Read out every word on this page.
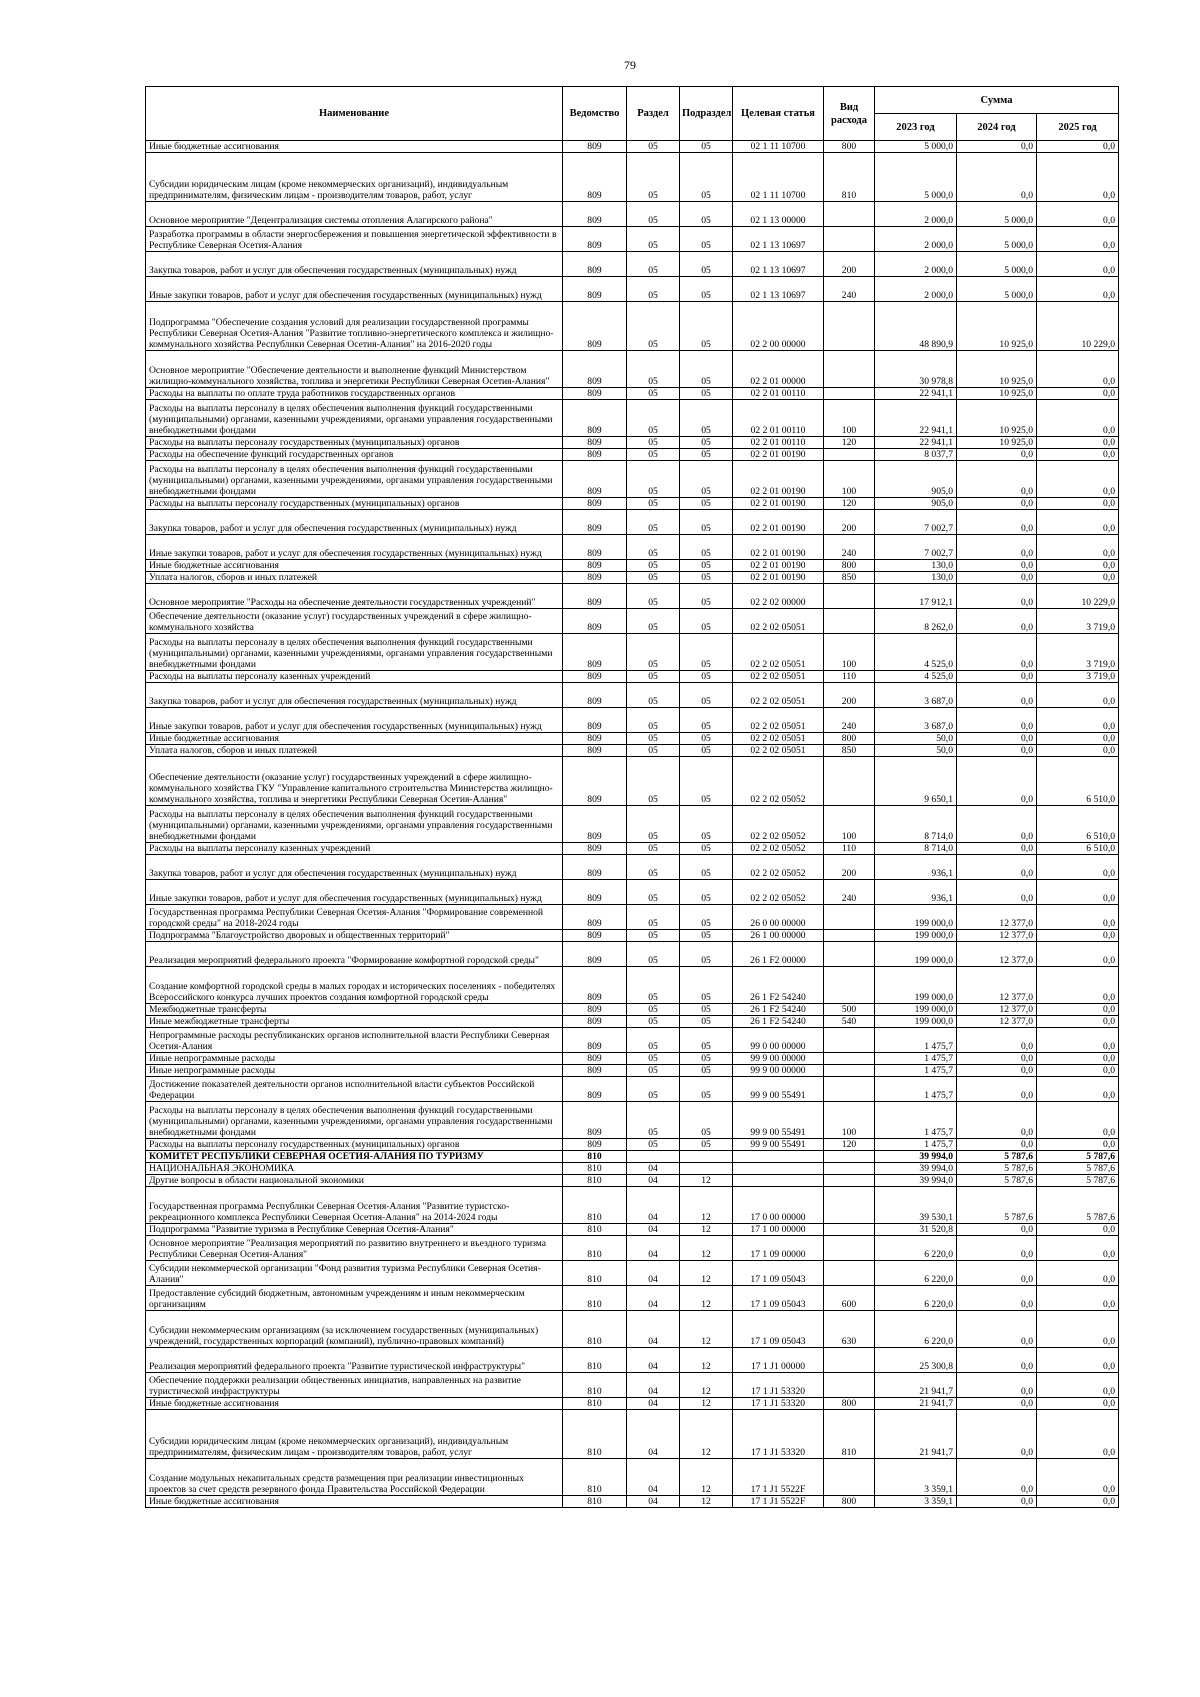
79
Наименование	Ведомство	Раздел	Подраздел	Целевая статья	Вид расхода	Сумма		
						2023 год	2024 год	2025 год
Иные бюджетные ассигнования	809	05	05	02 1 11 10700	800	5 000,0	0,0	0,0
Субсидии юридическим лицам (кроме некоммерческих организаций), индивидуальным предпринимателям, физическим лицам - производителям товаров, работ, услуг	809	05	05	02 1 11 10700	810	5 000,0	0,0	0,0
Основное мероприятие "Децентрализация системы отопления Алагирского района"	809	05	05	02 1 13 00000		2 000,0	5 000,0	0,0
Разработка программы в области энергосбережения и повышения энергетической эффективности в Республике Северная Осетия-Алания	809	05	05	02 1 13 10697		2 000,0	5 000,0	0,0
Закупка товаров, работ и услуг для обеспечения государственных (муниципальных) нужд	809	05	05	02 1 13 10697	200	2 000,0	5 000,0	0,0
Иные закупки товаров, работ и услуг для обеспечения государственных (муниципальных) нужд	809	05	05	02 1 13 10697	240	2 000,0	5 000,0	0,0
Подпрограмма "Обеспечение создания условий для реализации государственной программы Республики Северная Осетия-Алания "Развитие топливно-энергетического комплекса и жилищно-коммунального хозяйства Республики Северная Осетия-Алания" на 2016-2020 годы	809	05	05	02 2 00 00000		48 890,9	10 925,0	10 229,0
Основное мероприятие "Обеспечение деятельности и выполнение функций Министерством жилищно-коммунального хозяйства, топлива и энергетики Республики Северная Осетия-Алания"	809	05	05	02 2 01 00000		30 978,8	10 925,0	0,0
Расходы на выплаты по оплате труда работников государственных органов	809	05	05	02 2 01 00110		22 941,1	10 925,0	0,0
Расходы на выплаты персоналу в целях обеспечения выполнения функций государственными (муниципальными) органами, казенными учреждениями, органами управления государственными внебюджетными фондами	809	05	05	02 2 01 00110	100	22 941,1	10 925,0	0,0
Расходы на выплаты персоналу государственных (муниципальных) органов	809	05	05	02 2 01 00110	120	22 941,1	10 925,0	0,0
Расходы на обеспечение функций государственных органов	809	05	05	02 2 01 00190		8 037,7	0,0	0,0
Расходы на выплаты персоналу в целях обеспечения выполнения функций государственными (муниципальными) органами, казенными учреждениями, органами управления государственными внебюджетными фондами	809	05	05	02 2 01 00190	100	905,0	0,0	0,0
Расходы на выплаты персоналу государственных (муниципальных) органов	809	05	05	02 2 01 00190	120	905,0	0,0	0,0
Закупка товаров, работ и услуг для обеспечения государственных (муниципальных) нужд	809	05	05	02 2 01 00190	200	7 002,7	0,0	0,0
Иные закупки товаров, работ и услуг для обеспечения государственных (муниципальных) нужд	809	05	05	02 2 01 00190	240	7 002,7	0,0	0,0
Иные бюджетные ассигнования	809	05	05	02 2 01 00190	800	130,0	0,0	0,0
Уплата налогов, сборов и иных платежей	809	05	05	02 2 01 00190	850	130,0	0,0	0,0
Основное мероприятие "Расходы на обеспечение деятельности государственных учреждений"	809	05	05	02 2 02 00000		17 912,1	0,0	10 229,0
Обеспечение деятельности (оказание услуг) государственных учреждений в сфере жилищно-коммунального хозяйства	809	05	05	02 2 02 05051		8 262,0	0,0	3 719,0
Расходы на выплаты персоналу в целях обеспечения выполнения функций государственными (муниципальными) органами, казенными учреждениями, органами управления государственными внебюджетными фондами	809	05	05	02 2 02 05051	100	4 525,0	0,0	3 719,0
Расходы на выплаты персоналу казенных учреждений	809	05	05	02 2 02 05051	110	4 525,0	0,0	3 719,0
Закупка товаров, работ и услуг для обеспечения государственных (муниципальных) нужд	809	05	05	02 2 02 05051	200	3 687,0	0,0	0,0
Иные закупки товаров, работ и услуг для обеспечения государственных (муниципальных) нужд	809	05	05	02 2 02 05051	240	3 687,0	0,0	0,0
Иные бюджетные ассигнования	809	05	05	02 2 02 05051	800	50,0	0,0	0,0
Уплата налогов, сборов и иных платежей	809	05	05	02 2 02 05051	850	50,0	0,0	0,0
Обеспечение деятельности (оказание услуг) государственных учреждений в сфере жилищно-коммунального хозяйства ГКУ "Управление капитального строительства Министерства жилищно-коммунального хозяйства, топлива и энергетики Республики Северная Осетия-Алания"	809	05	05	02 2 02 05052		9 650,1	0,0	6 510,0
Расходы на выплаты персоналу в целях обеспечения выполнения функций государственными (муниципальными) органами, казенными учреждениями, органами управления государственными внебюджетными фондами	809	05	05	02 2 02 05052	100	8 714,0	0,0	6 510,0
Расходы на выплаты персоналу казенных учреждений	809	05	05	02 2 02 05052	110	8 714,0	0,0	6 510,0
Закупка товаров, работ и услуг для обеспечения государственных (муниципальных) нужд	809	05	05	02 2 02 05052	200	936,1	0,0	0,0
Иные закупки товаров, работ и услуг для обеспечения государственных (муниципальных) нужд	809	05	05	02 2 02 05052	240	936,1	0,0	0,0
Государственная программа Республики Северная Осетия-Алания "Формирование современной городской среды" на 2018-2024 годы	809	05	05	26 0 00 00000		199 000,0	12 377,0	0,0
Подпрограмма "Благоустройство дворовых и общественных территорий"	809	05	05	26 1 00 00000		199 000,0	12 377,0	0,0
Реализация мероприятий федерального проекта "Формирование комфортной городской среды"	809	05	05	26 1 F2 00000		199 000,0	12 377,0	0,0
Создание комфортной городской среды в малых городах и исторических поселениях - победителях Всероссийского конкурса лучших проектов создания комфортной городской среды	809	05	05	26 1 F2 54240		199 000,0	12 377,0	0,0
Межбюджетные трансферты	809	05	05	26 1 F2 54240	500	199 000,0	12 377,0	0,0
Иные межбюджетные трансферты	809	05	05	26 1 F2 54240	540	199 000,0	12 377,0	0,0
Непрограммные расходы республиканских органов исполнительной власти Республики Северная Осетия-Алания	809	05	05	99 0 00 00000		1 475,7	0,0	0,0
Иные непрограммные расходы	809	05	05	99 9 00 00000		1 475,7	0,0	0,0
Иные непрограммные расходы	809	05	05	99 9 00 00000		1 475,7	0,0	0,0
Достижение показателей деятельности органов исполнительной власти субъектов Российской Федерации	809	05	05	99 9 00 55491		1 475,7	0,0	0,0
Расходы на выплаты персоналу в целях обеспечения выполнения функций государственными (муниципальными) органами, казенными учреждениями, органами управления государственными внебюджетными фондами	809	05	05	99 9 00 55491	100	1 475,7	0,0	0,0
Расходы на выплаты персоналу государственных (муниципальных) органов	809	05	05	99 9 00 55491	120	1 475,7	0,0	0,0
КОМИТЕТ РЕСПУБЛИКИ СЕВЕРНАЯ ОСЕТИЯ-АЛАНИЯ ПО ТУРИЗМУ	810					39 994,0	5 787,6	5 787,6
НАЦИОНАЛЬНАЯ ЭКОНОМИКА	810	04				39 994,0	5 787,6	5 787,6
Другие вопросы в области национальной экономики	810	04	12			39 994,0	5 787,6	5 787,6
Государственная программа Республики Северная Осетия-Алания "Развитие туристско-рекреационного комплекса Республики Северная Осетия-Алания" на 2014-2024 годы	810	04	12	17 0 00 00000		39 530,1	5 787,6	5 787,6
Подпрограмма "Развитие туризма в Республике Северная Осетия-Алания"	810	04	12	17 1 00 00000		31 520,8	0,0	0,0
Основное мероприятие "Реализация мероприятий по развитию внутреннего и въездного туризма Республики Северная Осетия-Алания"	810	04	12	17 1 09 00000		6 220,0	0,0	0,0
Субсидии некоммерческой организации "Фонд развития туризма Республики Северная Осетия-Алания"	810	04	12	17 1 09 05043		6 220,0	0,0	0,0
Предоставление субсидий бюджетным, автономным учреждениям и иным некоммерческим организациям	810	04	12	17 1 09 05043	600	6 220,0	0,0	0,0
Субсидии некоммерческим организациям (за исключением государственных (муниципальных) учреждений, государственных корпораций (компаний), публично-правовых компаний)	810	04	12	17 1 09 05043	630	6 220,0	0,0	0,0
Реализация мероприятий федерального проекта "Развитие туристической инфраструктуры"	810	04	12	17 1 J1 00000		25 300,8	0,0	0,0
Обеспечение поддержки реализации общественных инициатив, направленных на развитие туристической инфраструктуры	810	04	12	17 1 J1 53320		21 941,7	0,0	0,0
Иные бюджетные ассигнования	810	04	12	17 1 J1 53320	800	21 941,7	0,0	0,0
Субсидии юридическим лицам (кроме некоммерческих организаций), индивидуальным предпринимателям, физическим лицам - производителям товаров, работ, услуг	810	04	12	17 1 J1 53320	810	21 941,7	0,0	0,0
Создание модульных некапитальных средств размещения при реализации инвестиционных проектов за счет средств резервного фонда Правительства Российской Федерации	810	04	12	17 1 J1 5522F		3 359,1	0,0	0,0
Иные бюджетные ассигнования	810	04	12	17 1 J1 5522F	800	3 359,1	0,0	0,0
